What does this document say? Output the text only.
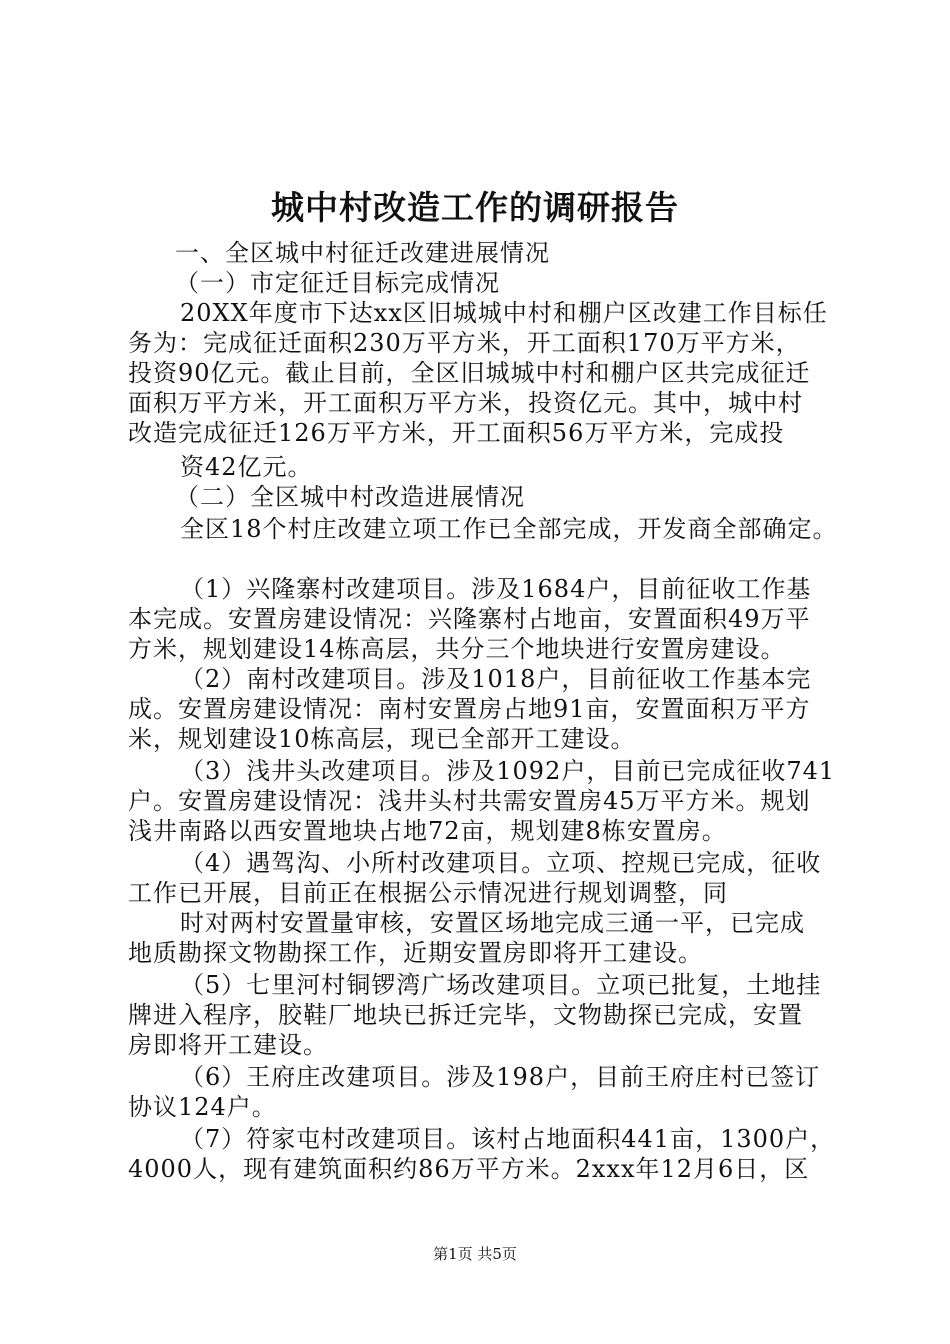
城中村改造工作的调研报告
一、全区城中村征迁改建进展情况
（一）市定征迁目标完成情况
20XX年度市下达xx区旧城城中村和棚户区改建工作目标任
务为：完成征迁面积230万平方米，开工面积170万平方米，
投资90亿元。截止目前，全区旧城城中村和棚户区共完成征迁
面积万平方米，开工面积万平方米，投资亿元。其中，城中村
改造完成征迁126万平方米，开工面积56万平方米，完成投
资42亿元。
（二）全区城中村改造进展情况
全区18个村庄改建立项工作已全部完成，开发商全部确定。
（1）兴隆寨村改建项目。涉及1684户，目前征收工作基
本完成。安置房建设情况：兴隆寨村占地亩，安置面积49万平
方米，规划建设14栋高层，共分三个地块进行安置房建设。
（2）南村改建项目。涉及1018户，目前征收工作基本完
成。安置房建设情况：南村安置房占地91亩，安置面积万平方
米，规划建设10栋高层，现已全部开工建设。
（3）浅井头改建项目。涉及1092户，目前已完成征收741
户。安置房建设情况：浅井头村共需安置房45万平方米。规划
浅井南路以西安置地块占地72亩，规划建8栋安置房。
（4）遇驾沟、小所村改建项目。立项、控规已完成，征收
工作已开展，目前正在根据公示情况进行规划调整，同
时对两村安置量审核，安置区场地完成三通一平，已完成
地质勘探文物勘探工作，近期安置房即将开工建设。
（5）七里河村铜锣湾广场改建项目。立项已批复，土地挂
牌进入程序，胶鞋厂地块已拆迁完毕，文物勘探已完成，安置
房即将开工建设。
（6）王府庄改建项目。涉及198户，目前王府庄村已签订
协议124户。
（7）符家屯村改建项目。该村占地面积441亩，1300户，
4000人，现有建筑面积约86万平方米。2xxx年12月6日，区
第1页 共5页
